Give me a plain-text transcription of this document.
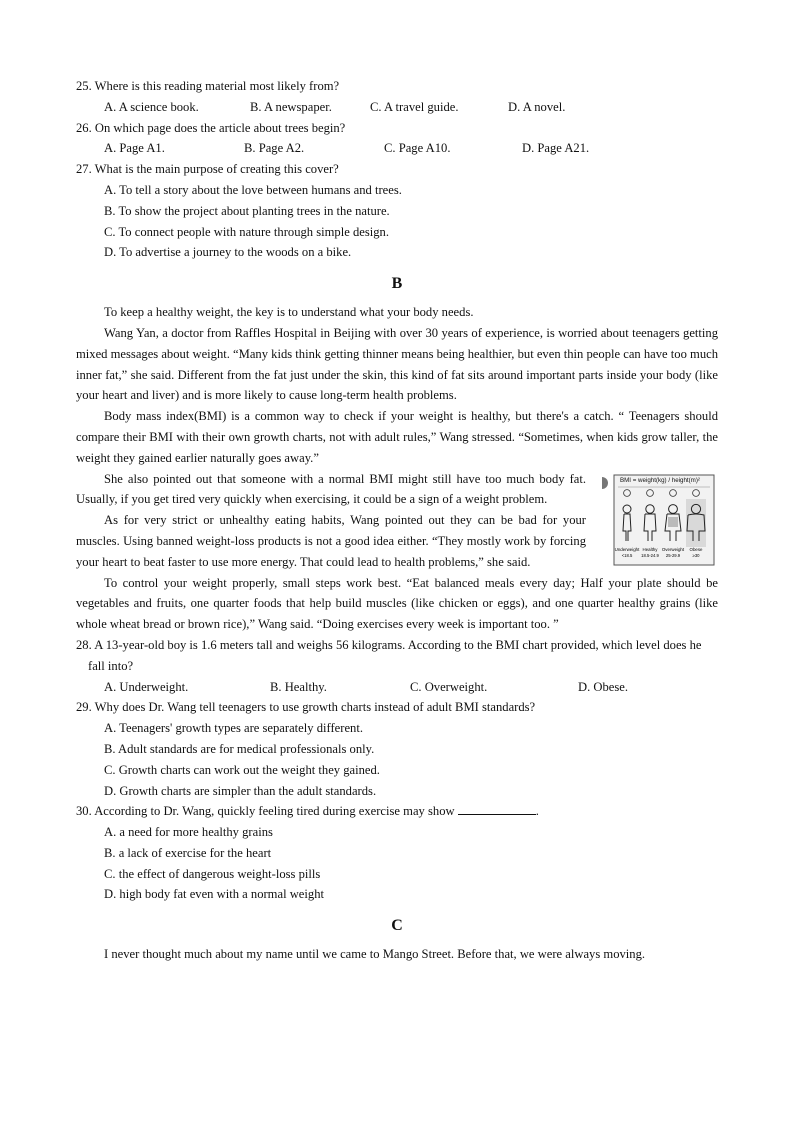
25. Where is this reading material most likely from?

A. A science book.	B. A newspaper.	C. A travel guide.	D. A novel.

26. On which page does the article about trees begin?

A. Page A1.	B. Page A2.	C. Page A10.	D. Page A21.

27. What is the main purpose of creating this cover?

A. To tell a story about the love between humans and trees.

B. To show the project about planting trees in the nature.

C. To connect people with nature through simple design.

D. To advertise a journey to the woods on a bike.

B

To keep a healthy weight, the key is to understand what your body needs.

Wang Yan, a doctor from Raffles Hospital in Beijing with over 30 years of experience, is worried about teenagers getting mixed messages about weight. “Many kids think getting thinner means being healthier, but even thin people can have too much inner fat,” she said. Different from the fat just under the skin, this kind of fat sits around important parts inside your body (like your heart and liver) and is more likely to cause long-term health problems.

Body mass index(BMI) is a common way to check if your weight is healthy, but there's a catch. “ Teenagers should compare their BMI with their own growth charts, not with adult rules,” Wang stressed. “Sometimes, when kids grow taller, the weight they gained earlier naturally goes away.”

BMI = weight(kg) / height(m)²
Underweight Healthy Overweight Obese
<18.5 18.5-24.9 25-29.9	≥30

She also pointed out that someone with a normal BMI might still have too much body fat. Usually, if you get tired very quickly when exercising, it could be a sign of a weight problem.

As for very strict or unhealthy eating habits, Wang pointed out they can be bad for your muscles. Using banned weight-loss products is not a good idea either. “They mostly work by forcing your heart to beat faster to use more energy. That could lead to health problems,” she said.

To control your weight properly, small steps work best. “Eat balanced meals every day; Half your plate should be vegetables and fruits, one quarter foods that help build muscles (like chicken or eggs), and one quarter healthy grains (like whole wheat bread or brown rice),” Wang said. “Doing exercises every week is important too. ”

28. A 13-year-old boy is 1.6 meters tall and weighs 56 kilograms. According to the BMI chart provided, which level does he fall into?

A. Underweight.	B. Healthy.	C. Overweight.	D. Obese.

29. Why does Dr. Wang tell teenagers to use growth charts instead of adult BMI standards?

A. Teenagers' growth types are separately different.

B. Adult standards are for medical professionals only.

C. Growth charts can work out the weight they gained.

D. Growth charts are simpler than the adult standards.

30. According to Dr. Wang, quickly feeling tired during exercise may show	.

A. a need for more healthy grains

B. a lack of exercise for the heart

C. the effect of dangerous weight-loss pills

D. high body fat even with a normal weight

C

I never thought much about my name until we came to Mango Street. Before that, we were always moving.
